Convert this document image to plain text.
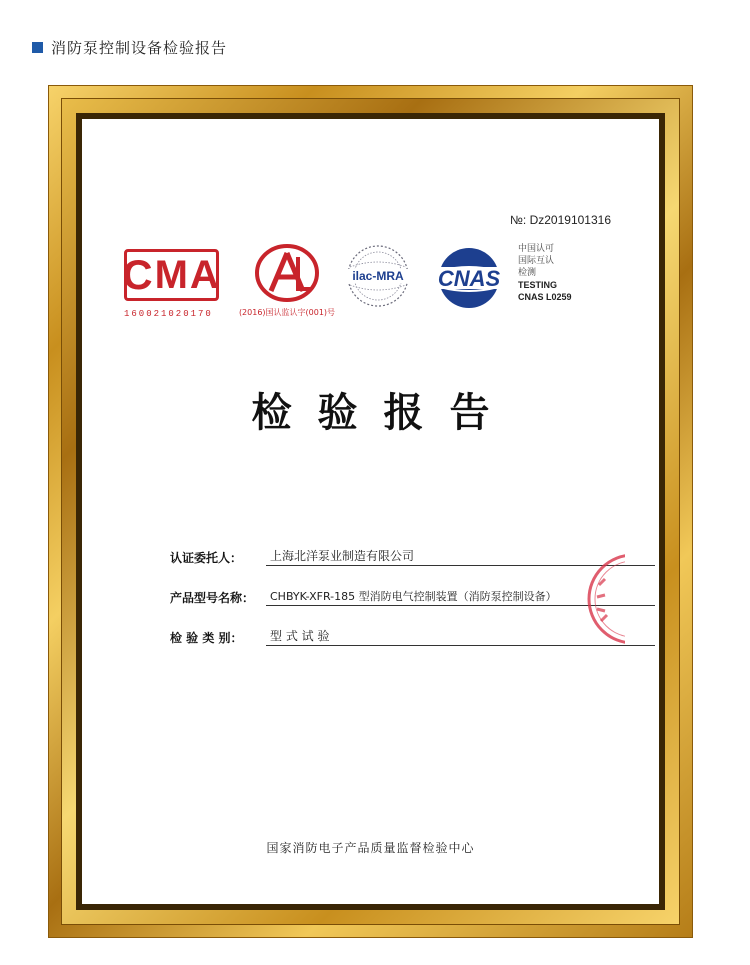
消防泵控制设备检验报告
№: Dz2019101316
C MA
160021020170	(2016)国认监认字(001)号
ilac-MRA CNAS
中国认可
国际互认
检测
TESTING
CNAS L0259
检验报告
认证委托人：	上海北洋泵业制造有限公司
产品型号名称：	CHBYK-XFR-185 型消防电气控制装置（消防泵控制设备）
检 验 类 别：	型 式 试 验
国家消防电子产品质量监督检验中心
